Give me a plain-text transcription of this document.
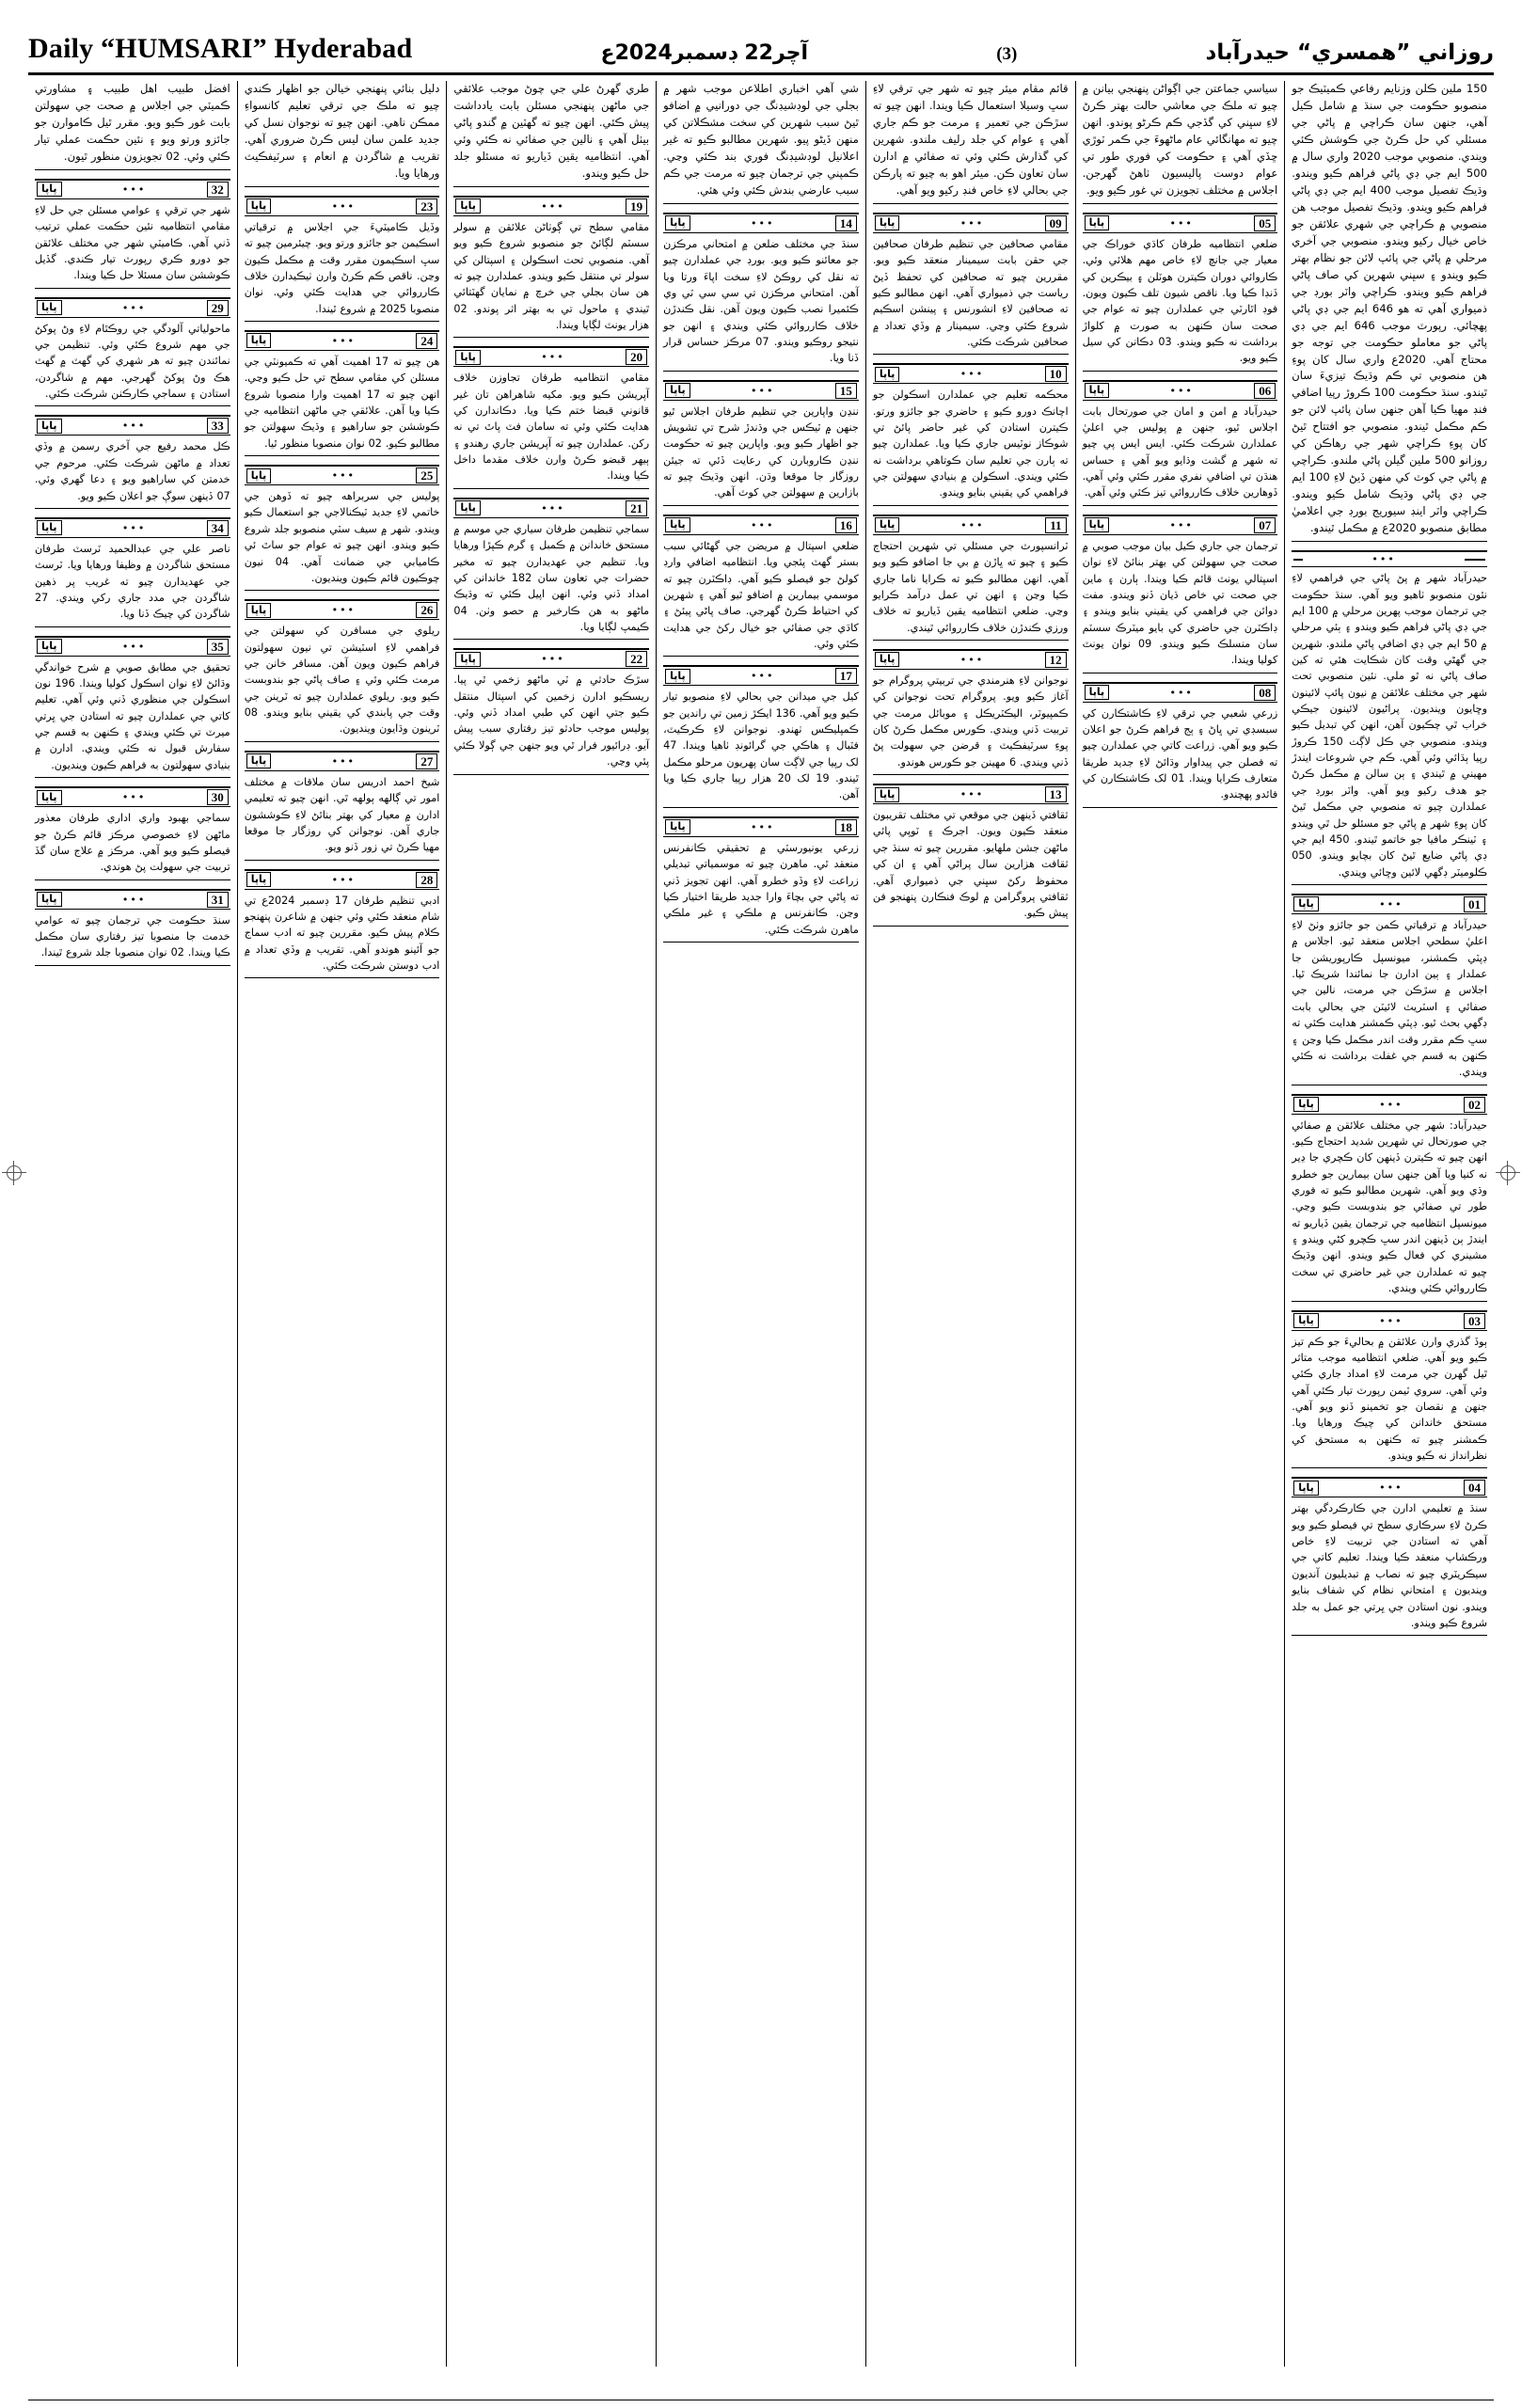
Daily “HUMSARI” Hyderabad	آچر22 ڊسمبر2024ع	(3)	روزاني ”همسري“ حيدرآباد
150 ملين ڪلن وزنايم رفاعي ڪميٽيڪ جو منصوبو حڪومت جي سنڌ ۾ شامل ڪيل آهي، جنهن سان ڪراچي ۾ پاڻي جي مسئلي کي حل ڪرڻ جي ڪوشش ڪئي ويندي. منصوبي موجب 2020 واري سال ۾ 500 ايم جي ڊي پاڻي فراهم ڪيو ويندو. وڌيڪ تفصيل موجب 400 ايم جي ڊي پاڻي فراهم ڪيو ويندو. وڌيڪ تفصيل موجب هن منصوبي ۾ ڪراچي جي شهري علائقن جو خاص خيال رکيو ويندو. منصوبي جي آخري مرحلي ۾ پاڻي جي پائپ لائن جو نظام بهتر ڪيو ويندو ۽ سڀني شهرين کي صاف پاڻي فراهم ڪيو ويندو. ڪراچي واٽر بورڊ جي ذميواري آهي ته هو 646 ايم جي ڊي پاڻي پهچائي. رپورٽ موجب 646 ايم جي ڊي پاڻي جو معاملو حڪومت جي توجه جو محتاج آهي. 2020ع واري سال کان پوءِ هن منصوبي تي ڪم وڌيڪ تيزيءَ سان ٿيندو. سنڌ حڪومت 100 ڪروڙ رپيا اضافي فنڊ مهيا ڪيا آهن جنهن سان پائپ لائن جو ڪم مڪمل ٿيندو. منصوبي جو افتتاح ٿيڻ کان پوءِ ڪراچي شهر جي رهاڪن کي روزانو 500 ملين گيلن پاڻي ملندو. ڪراچي ۾ پاڻي جي کوٽ کي منهن ڏيڻ لاءِ 100 ايم جي ڊي پاڻي وڌيڪ شامل ڪيو ويندو. ڪراچي واٽر اينڊ سيوريج بورڊ جي اعلاميٰ مطابق منصوبو 2020ع ۾ مڪمل ٿيندو.
•••
حيدرآباد شهر ۾ پڻ پاڻي جي فراهمي لاءِ نئون منصوبو ٺاهيو ويو آهي. سنڌ حڪومت جي ترجمان موجب پهرين مرحلي ۾ 100 ايم جي ڊي پاڻي فراهم ڪيو ويندو ۽ ٻئي مرحلي ۾ 50 ايم جي ڊي اضافي پاڻي ملندو. شهرين جي گهڻي وقت کان شڪايت هئي ته کين صاف پاڻي نه ٿو ملي. نئين منصوبي تحت شهر جي مختلف علائقن ۾ نيون پائپ لائينون وڇايون وينديون. پراڻيون لائينون جيڪي خراب ٿي چڪيون آهن، انهن کي تبديل ڪيو ويندو. منصوبي جي ڪل لاڳت 150 ڪروڙ رپيا ٻڌائي وئي آهي. ڪم جي شروعات ايندڙ مهيني ۾ ٿيندي ۽ ٻن سالن ۾ مڪمل ڪرڻ جو هدف رکيو ويو آهي. واٽر بورڊ جي عملدارن چيو ته منصوبي جي مڪمل ٿيڻ کان پوءِ شهر ۾ پاڻي جو مسئلو حل ٿي ويندو ۽ ٽينڪر مافيا جو خاتمو ٿيندو. 450 ايم جي ڊي پاڻي ضايع ٿيڻ کان بچايو ويندو. 050 ڪلوميٽر ڊگهي لائين وڇائي ويندي.
01
•••
پاپا
حيدرآباد ۾ ترقياتي ڪمن جو جائزو وٺڻ لاءِ اعليٰ سطحي اجلاس منعقد ٿيو. اجلاس ۾ ڊپٽي ڪمشنر، ميونسپل ڪارپوريشن جا عملدار ۽ ٻين ادارن جا نمائندا شريڪ ٿيا. اجلاس ۾ سڙڪن جي مرمت، نالين جي صفائي ۽ اسٽريٽ لائيٽن جي بحالي بابت ڊگهي بحث ٿيو. ڊپٽي ڪمشنر هدايت ڪئي ته سڀ ڪم مقرر وقت اندر مڪمل ڪيا وڃن ۽ ڪنهن به قسم جي غفلت برداشت نه ڪئي ويندي.
02
•••
پاپا
حيدرآباد: شهر جي مختلف علائقن ۾ صفائي جي صورتحال تي شهرين شديد احتجاج ڪيو. انهن چيو ته ڪيترن ڏينهن کان ڪچري جا ڍير نه کنيا ويا آهن جنهن سان بيمارين جو خطرو وڌي ويو آهي. شهرين مطالبو ڪيو ته فوري طور تي صفائي جو بندوبست ڪيو وڃي. ميونسپل انتظاميه جي ترجمان يقين ڏياريو ته ايندڙ ٻن ڏينهن اندر سڀ ڪچرو کڻي ويندو ۽ مشينري کي فعال ڪيو ويندو. انهن وڌيڪ چيو ته عملدارن جي غير حاضري تي سخت ڪارروائي ڪئي ويندي.
03
•••
پاپا
ٻوڏ گذري وارن علائقن ۾ بحاليءَ جو ڪم تيز ڪيو ويو آهي. ضلعي انتظاميه موجب متاثر ٿيل گهرن جي مرمت لاءِ امداد جاري ڪئي وئي آهي. سروي ٽيمن رپورٽ تيار ڪئي آهي جنهن ۾ نقصان جو تخمينو ڏنو ويو آهي. مستحق خاندانن کي چيڪ ورهايا ويا. ڪمشنر چيو ته ڪنهن به مستحق کي نظرانداز نه ڪيو ويندو.
04
•••
پاپا
سنڌ ۾ تعليمي ادارن جي ڪارڪردگي بهتر ڪرڻ لاءِ سرڪاري سطح تي فيصلو ڪيو ويو آهي ته استادن جي تربيت لاءِ خاص ورڪشاپ منعقد ڪيا ويندا. تعليم کاتي جي سيڪريٽري چيو ته نصاب ۾ تبديليون آنديون وينديون ۽ امتحاني نظام کي شفاف بنايو ويندو. نون استادن جي ڀرتي جو عمل به جلد شروع ڪيو ويندو.
سياسي جماعتن جي اڳواڻن پنهنجي بيانن ۾ چيو ته ملڪ جي معاشي حالت بهتر ڪرڻ لاءِ سڀني کي گڏجي ڪم ڪرڻو پوندو. انهن چيو ته مهانگائي عام ماڻهوءَ جي ڪمر ٽوڙي ڇڏي آهي ۽ حڪومت کي فوري طور تي عوام دوست پاليسيون ٺاهڻ گهرجن. اجلاس ۾ مختلف تجويزن تي غور ڪيو ويو.
05
•••
پاپا
ضلعي انتظاميه طرفان کاڌي خوراڪ جي معيار جي جانچ لاءِ خاص مهم هلائي وئي. ڪاروائي دوران ڪيترن هوٽلن ۽ بيڪرين کي ڏنڊا ڪيا ويا. ناقص شيون تلف ڪيون ويون. فوڊ اٿارٽي جي عملدارن چيو ته عوام جي صحت سان ڪنهن به صورت ۾ کلواڙ برداشت نه ڪيو ويندو. 03 دڪانن کي سيل ڪيو ويو.
06
•••
پاپا
حيدرآباد ۾ امن و امان جي صورتحال بابت اجلاس ٿيو، جنهن ۾ پوليس جي اعليٰ عملدارن شرڪت ڪئي. ايس ايس پي چيو ته شهر ۾ گشت وڌايو ويو آهي ۽ حساس هنڌن تي اضافي نفري مقرر ڪئي وئي آهي. ڏوهارين خلاف ڪارروائي تيز ڪئي وئي آهي.
07
•••
پاپا
ترجمان جي جاري ڪيل بيان موجب صوبي ۾ صحت جي سهولتن کي بهتر بنائڻ لاءِ نوان اسپتالي يونٽ قائم ڪيا ويندا. ٻارن ۽ ماين جي صحت تي خاص ڌيان ڏنو ويندو. مفت دوائن جي فراهمي کي يقيني بنايو ويندو ۽ ڊاڪٽرن جي حاضري کي بايو ميٽرڪ سسٽم سان منسلڪ ڪيو ويندو. 09 نوان يونٽ کوليا ويندا.
08
•••
پاپا
زرعي شعبي جي ترقي لاءِ ڪاشتڪارن کي سبسڊي تي ڀاڻ ۽ ٻج فراهم ڪرڻ جو اعلان ڪيو ويو آهي. زراعت کاتي جي عملدارن چيو ته فصلن جي پيداوار وڌائڻ لاءِ جديد طريقا متعارف ڪرايا ويندا. 01 لک ڪاشتڪارن کي فائدو پهچندو.
قائم مقام ميئر چيو ته شهر جي ترقي لاءِ سڀ وسيلا استعمال ڪيا ويندا. انهن چيو ته سڙڪن جي تعمير ۽ مرمت جو ڪم جاري آهي ۽ عوام کي جلد رليف ملندو. شهرين کي گذارش ڪئي وئي ته صفائي ۾ ادارن سان تعاون ڪن. ميئر اهو به چيو ته پارڪن جي بحالي لاءِ خاص فنڊ رکيو ويو آهي.
09
•••
پاپا
مقامي صحافين جي تنظيم طرفان صحافين جي حقن بابت سيمينار منعقد ڪيو ويو. مقررين چيو ته صحافين کي تحفظ ڏيڻ رياست جي ذميواري آهي. انهن مطالبو ڪيو ته صحافين لاءِ انشورنس ۽ پينشن اسڪيم شروع ڪئي وڃي. سيمينار ۾ وڏي تعداد ۾ صحافين شرڪت ڪئي.
10
•••
پاپا
محڪمه تعليم جي عملدارن اسڪولن جو اچانڪ دورو ڪيو ۽ حاضري جو جائزو ورتو. ڪيترن استادن کي غير حاضر پائڻ تي شوڪاز نوٽيس جاري ڪيا ويا. عملدارن چيو ته ٻارن جي تعليم سان ڪوتاهي برداشت نه ڪئي ويندي. اسڪولن ۾ بنيادي سهولتن جي فراهمي کي يقيني بنايو ويندو.
11
•••
پاپا
ٽرانسپورٽ جي مسئلي تي شهرين احتجاج ڪيو ۽ چيو ته ڀاڙن ۾ بي جا اضافو ڪيو ويو آهي. انهن مطالبو ڪيو ته ڪرايا ناما جاري ڪيا وڃن ۽ انهن تي عمل درآمد ڪرايو وڃي. ضلعي انتظاميه يقين ڏياريو ته خلاف ورزي ڪندڙن خلاف ڪارروائي ٿيندي.
12
•••
پاپا
نوجوانن لاءِ هنرمندي جي تربيتي پروگرام جو آغاز ڪيو ويو. پروگرام تحت نوجوانن کي ڪمپيوٽر، اليڪٽريڪل ۽ موبائل مرمت جي تربيت ڏني ويندي. ڪورس مڪمل ڪرڻ کان پوءِ سرٽيفڪيٽ ۽ قرضن جي سهولت پڻ ڏني ويندي. 6 مهينن جو ڪورس هوندو.
13
•••
پاپا
ثقافتي ڏينهن جي موقعي تي مختلف تقريبون منعقد ڪيون ويون. اجرڪ ۽ ٽوپي پائي ماڻهن جشن ملهايو. مقررين چيو ته سنڌ جي ثقافت هزارين سال پراڻي آهي ۽ ان کي محفوظ رکڻ سڀني جي ذميواري آهي. ثقافتي پروگرامن ۾ لوڪ فنڪارن پنهنجو فن پيش ڪيو.
شي آهي اخباري اطلاعن موجب شهر ۾ بجلي جي لوڊشيڊنگ جي دورانيي ۾ اضافو ٿيڻ سبب شهرين کي سخت مشڪلاتن کي منهن ڏيڻو پيو. شهرين مطالبو ڪيو ته غير اعلانيل لوڊشيڊنگ فوري بند ڪئي وڃي. ڪمپني جي ترجمان چيو ته مرمت جي ڪم سبب عارضي بندش ڪئي وئي هئي.
14
•••
پاپا
سنڌ جي مختلف ضلعن ۾ امتحاني مرڪزن جو معائنو ڪيو ويو. بورڊ جي عملدارن چيو ته نقل کي روڪڻ لاءِ سخت اپاءَ ورتا ويا آهن. امتحاني مرڪزن تي سي سي ٽي وي ڪئميرا نصب ڪيون ويون آهن. نقل ڪندڙن خلاف ڪارروائي ڪئي ويندي ۽ انهن جو نتيجو روڪيو ويندو. 07 مرڪز حساس قرار ڏنا ويا.
15
•••
پاپا
ننڍن واپارين جي تنظيم طرفان اجلاس ٿيو جنهن ۾ ٽيڪس جي وڌندڙ شرح تي تشويش جو اظهار ڪيو ويو. واپارين چيو ته حڪومت ننڍن ڪاروبارن کي رعايت ڏئي ته جيئن روزگار جا موقعا وڌن. انهن وڌيڪ چيو ته بازارين ۾ سهولتن جي کوٽ آهي.
16
•••
پاپا
ضلعي اسپتال ۾ مريضن جي گهڻائي سبب بستر گهٽ پئجي ويا. انتظاميه اضافي وارڊ کولڻ جو فيصلو ڪيو آهي. ڊاڪٽرن چيو ته موسمي بيمارين ۾ اضافو ٿيو آهي ۽ شهرين کي احتياط ڪرڻ گهرجي. صاف پاڻي پيئڻ ۽ کاڌي جي صفائي جو خيال رکڻ جي هدايت ڪئي وئي.
17
•••
پاپا
کيل جي ميدانن جي بحالي لاءِ منصوبو تيار ڪيو ويو آهي. 136 ايڪڙ زمين تي راندين جو ڪمپليڪس ٺهندو. نوجوانن لاءِ ڪرڪيٽ، فٽبال ۽ هاڪي جي گرائونڊ ٺاهيا ويندا. 47 لک رپيا جي لاڳت سان پهريون مرحلو مڪمل ٿيندو. 19 لک 20 هزار رپيا جاري ڪيا ويا آهن.
18
•••
پاپا
زرعي يونيورسٽي ۾ تحقيقي ڪانفرنس منعقد ٿي. ماهرن چيو ته موسمياتي تبديلي زراعت لاءِ وڏو خطرو آهي. انهن تجويز ڏني ته پاڻي جي بچاءَ وارا جديد طريقا اختيار ڪيا وڃن. ڪانفرنس ۾ ملڪي ۽ غير ملڪي ماهرن شرڪت ڪئي.
طري گهرڻ علي جي چوڻ موجب علائقي جي ماڻهن پنهنجي مسئلن بابت يادداشت پيش ڪئي. انهن چيو ته گهٽين ۾ گندو پاڻي بيٺل آهي ۽ نالين جي صفائي نه ڪئي وئي آهي. انتظاميه يقين ڏياريو ته مسئلو جلد حل ڪيو ويندو.
19
•••
پاپا
مقامي سطح تي ڳوٺاڻن علائقن ۾ سولر سسٽم لڳائڻ جو منصوبو شروع ڪيو ويو آهي. منصوبي تحت اسڪولن ۽ اسپتالن کي سولر تي منتقل ڪيو ويندو. عملدارن چيو ته هن سان بجلي جي خرچ ۾ نمايان گهٽتائي ٿيندي ۽ ماحول تي به بهتر اثر پوندو. 02 هزار يونٽ لڳايا ويندا.
20
•••
پاپا
مقامي انتظاميه طرفان تجاوزن خلاف آپريشن ڪيو ويو. مکيه شاهراهن تان غير قانوني قبضا ختم ڪيا ويا. دڪاندارن کي هدايت ڪئي وئي ته سامان فٽ پاٿ تي نه رکن. عملدارن چيو ته آپريشن جاري رهندو ۽ ٻيهر قبضو ڪرڻ وارن خلاف مقدما داخل ڪيا ويندا.
21
•••
پاپا
سماجي تنظيمن طرفان سياري جي موسم ۾ مستحق خاندانن ۾ ڪمبل ۽ گرم ڪپڙا ورهايا ويا. تنظيم جي عهديدارن چيو ته مخير حضرات جي تعاون سان 182 خاندانن کي امداد ڏني وئي. انهن اپيل ڪئي ته وڌيڪ ماڻهو به هن ڪارخير ۾ حصو وٺن. 04 ڪيمپ لڳايا ويا.
22
•••
پاپا
سڙڪ حادثي ۾ ٽي ماڻهو زخمي ٿي پيا. ريسڪيو ادارن زخمين کي اسپتال منتقل ڪيو جتي انهن کي طبي امداد ڏني وئي. پوليس موجب حادثو تيز رفتاري سبب پيش آيو. ڊرائيور فرار ٿي ويو جنهن جي ڳولا ڪئي پئي وڃي.
دليل بنائي پنهنجي خيالن جو اظهار ڪندي چيو ته ملڪ جي ترقي تعليم کانسواءِ ممڪن ناهي. انهن چيو ته نوجوان نسل کي جديد علمن سان ليس ڪرڻ ضروري آهي. تقريب ۾ شاگردن ۾ انعام ۽ سرٽيفڪيٽ ورهايا ويا.
23
•••
پاپا
وڏيل ڪاميٽيءَ جي اجلاس ۾ ترقياتي اسڪيمن جو جائزو ورتو ويو. چيئرمين چيو ته سڀ اسڪيمون مقرر وقت ۾ مڪمل ڪيون وڃن. ناقص ڪم ڪرڻ وارن ٺيڪيدارن خلاف ڪارروائي جي هدايت ڪئي وئي. نوان منصوبا 2025 ۾ شروع ٿيندا.
24
•••
پاپا
هن چيو ته 17 اهميت آهي ته ڪميونٽي جي مسئلن کي مقامي سطح تي حل ڪيو وڃي. انهن چيو ته 17 اهميت وارا منصوبا شروع ڪيا ويا آهن. علائقي جي ماڻهن انتظاميه جي ڪوششن جو ساراهيو ۽ وڌيڪ سهولتن جو مطالبو ڪيو. 02 نوان منصوبا منظور ٿيا.
25
•••
پاپا
پوليس جي سربراهه چيو ته ڏوهن جي خاتمي لاءِ جديد ٽيڪنالاجي جو استعمال ڪيو ويندو. شهر ۾ سيف سٽي منصوبو جلد شروع ڪيو ويندو. انهن چيو ته عوام جو ساٿ ئي ڪاميابي جي ضمانت آهي. 04 نيون چوڪيون قائم ڪيون وينديون.
26
•••
پاپا
ريلوي جي مسافرن کي سهولتن جي فراهمي لاءِ اسٽيشن تي نيون سهولتون فراهم ڪيون ويون آهن. مسافر خانن جي مرمت ڪئي وئي ۽ صاف پاڻي جو بندوبست ڪيو ويو. ريلوي عملدارن چيو ته ٽرينن جي وقت جي پابندي کي يقيني بنايو ويندو. 08 ٽرينون وڌايون وينديون.
27
•••
پاپا
شيخ احمد ادريس سان ملاقات ۾ مختلف امور تي ڳالهه ٻولهه ٿي. انهن چيو ته تعليمي ادارن ۾ معيار کي بهتر بنائڻ لاءِ ڪوششون جاري آهن. نوجوانن کي روزگار جا موقعا مهيا ڪرڻ تي زور ڏنو ويو.
28
•••
پاپا
ادبي تنظيم طرفان 17 ڊسمبر 2024ع تي شام منعقد ڪئي وئي جنهن ۾ شاعرن پنهنجو ڪلام پيش ڪيو. مقررين چيو ته ادب سماج جو آئينو هوندو آهي. تقريب ۾ وڏي تعداد ۾ ادب دوستن شرڪت ڪئي.
افضل طبيب اهل طبيب ۽ مشاورتي ڪميٽي جي اجلاس ۾ صحت جي سهولتن بابت غور ڪيو ويو. مقرر ٿيل ڪاموارن جو جائزو ورتو ويو ۽ نئين حڪمت عملي تيار ڪئي وئي. 02 تجويزون منظور ٿيون.
32
•••
پاپا
شهر جي ترقي ۽ عوامي مسئلن جي حل لاءِ مقامي انتظاميه نئين حڪمت عملي ترتيب ڏني آهي. ڪاميٽي شهر جي مختلف علائقن جو دورو ڪري رپورٽ تيار ڪندي. گڏيل ڪوششن سان مسئلا حل ڪيا ويندا.
29
•••
پاپا
ماحولياتي آلودگي جي روڪٿام لاءِ وڻ پوکڻ جي مهم شروع ڪئي وئي. تنظيمن جي نمائندن چيو ته هر شهري کي گهٽ ۾ گهٽ هڪ وڻ پوکڻ گهرجي. مهم ۾ شاگردن، استادن ۽ سماجي ڪارڪنن شرڪت ڪئي.
33
•••
پاپا
ڪل محمد رفيع جي آخري رسمن ۾ وڏي تعداد ۾ ماڻهن شرڪت ڪئي. مرحوم جي خدمتن کي ساراهيو ويو ۽ دعا گهري وئي. 07 ڏينهن سوڳ جو اعلان ڪيو ويو.
34
•••
پاپا
ناصر علي جي عبدالحميد ٽرسٽ طرفان مستحق شاگردن ۾ وظيفا ورهايا ويا. ٽرسٽ جي عهديدارن چيو ته غريب پر ذهين شاگردن جي مدد جاري رکي ويندي. 27 شاگردن کي چيڪ ڏنا ويا.
35
•••
پاپا
تحقيق جي مطابق صوبي ۾ شرح خواندگي وڌائڻ لاءِ نوان اسڪول کوليا ويندا. 196 نون اسڪولن جي منظوري ڏني وئي آهي. تعليم کاتي جي عملدارن چيو ته استادن جي ڀرتي ميرٽ تي ڪئي ويندي ۽ ڪنهن به قسم جي سفارش قبول نه ڪئي ويندي. ادارن ۾ بنيادي سهولتون به فراهم ڪيون وينديون.
30
•••
پاپا
سماجي بهبود واري اداري طرفان معذور ماڻهن لاءِ خصوصي مرڪز قائم ڪرڻ جو فيصلو ڪيو ويو آهي. مرڪز ۾ علاج سان گڏ تربيت جي سهولت پڻ هوندي.
31
•••
پاپا
سنڌ حڪومت جي ترجمان چيو ته عوامي خدمت جا منصوبا تيز رفتاري سان مڪمل ڪيا ويندا. 02 نوان منصوبا جلد شروع ٿيندا.
